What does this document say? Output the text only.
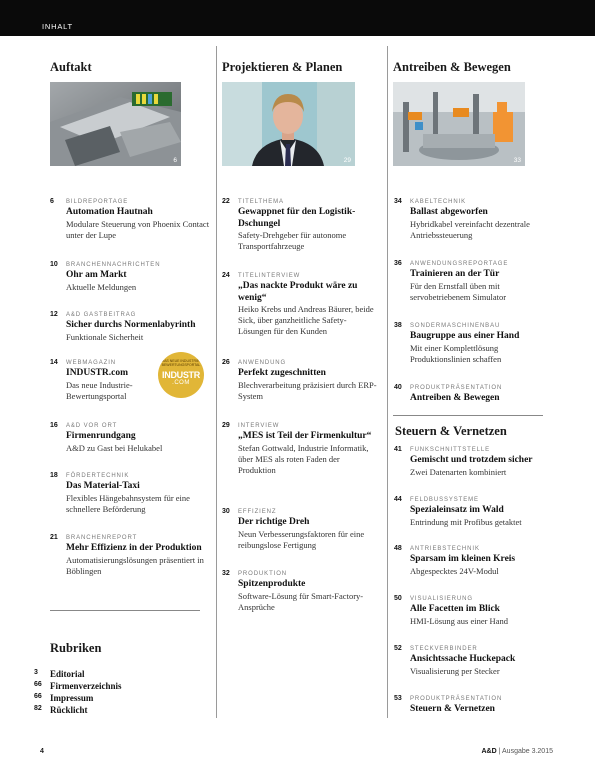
INHALT
Auftakt
6
Projektieren & Planen
29
Antreiben & Bewegen
33
6 BILDREPORTAGE
Automation Hautnah
Modulare Steuerung von Phoenix Contact unter der Lupe
10 BRANCHENNACHRICHTEN
Ohr am Markt
Aktuelle Meldungen
12 A&D GASTBEITRAG
Sicher durchs Normenlabyrinth
Funktionale Sicherheit
14 WEBMAGAZIN
INDUSTR.com
Das neue Industrie-Bewertungsportal
DAS NEUE INDUSTRIE-BEWERTUNGSPORTAL
INDUSTR
.COM
16 A&D VOR ORT
Firmenrundgang
A&D zu Gast bei Helukabel
18 FÖRDERTECHNIK
Das Material-Taxi
Flexibles Hängebahnsystem für eine schnellere Beförderung
21 BRANCHENREPORT
Mehr Effizienz in der Produktion
Automatisierungslösungen präsentiert in Böblingen
Rubriken
3 Editorial
66 Firmenverzeichnis
66 Impressum
82 Rücklicht
22 TITELTHEMA
Gewappnet für den Logistik-Dschungel
Safety-Drehgeber für autonome Transportfahrzeuge
24 TITELINTERVIEW
„Das nackte Produkt wäre zu wenig“
Heiko Krebs und Andreas Bäurer, beide Sick, über ganzheitliche Safety-Lösungen für den Kunden
26 ANWENDUNG
Perfekt zugeschnitten
Blechverarbeitung präzisiert durch ERP-System
29 INTERVIEW
„MES ist Teil der Firmenkultur“
Stefan Gottwald, Industrie Informatik, über MES als roten Faden der Produktion
30 EFFIZIENZ
Der richtige Dreh
Neun Verbesserungsfaktoren für eine reibungslose Fertigung
32 PRODUKTION
Spitzenprodukte
Software-Lösung für Smart-Factory-Ansprüche
34 KABELTECHNIK
Ballast abgeworfen
Hybridkabel vereinfacht dezentrale Antriebssteuerung
36 ANWENDUNGSREPORTAGE
Trainieren an der Tür
Für den Ernstfall üben mit servobetriebenem Simulator
38 SONDERMASCHINENBAU
Baugruppe aus einer Hand
Mit einer Komplettlösung Produktionslinien schaffen
40 PRODUKTPRÄSENTATION
Antreiben & Bewegen
Steuern & Vernetzen
41 FUNKSCHNITTSTELLE
Gemischt und trotzdem sicher
Zwei Datenarten kombiniert
44 FELDBUSSYSTEME
Spezialeinsatz im Wald
Entrindung mit Profibus getaktet
48 ANTRIEBSTECHNIK
Sparsam im kleinen Kreis
Abgespecktes 24V-Modul
50 VISUALISIERUNG
Alle Facetten im Blick
HMI-Lösung aus einer Hand
52 STECKVERBINDER
Ansichtssache Huckepack
Visualisierung per Stecker
53 PRODUKTPRÄSENTATION
Steuern & Vernetzen
4	A&D | Ausgabe 3.2015
